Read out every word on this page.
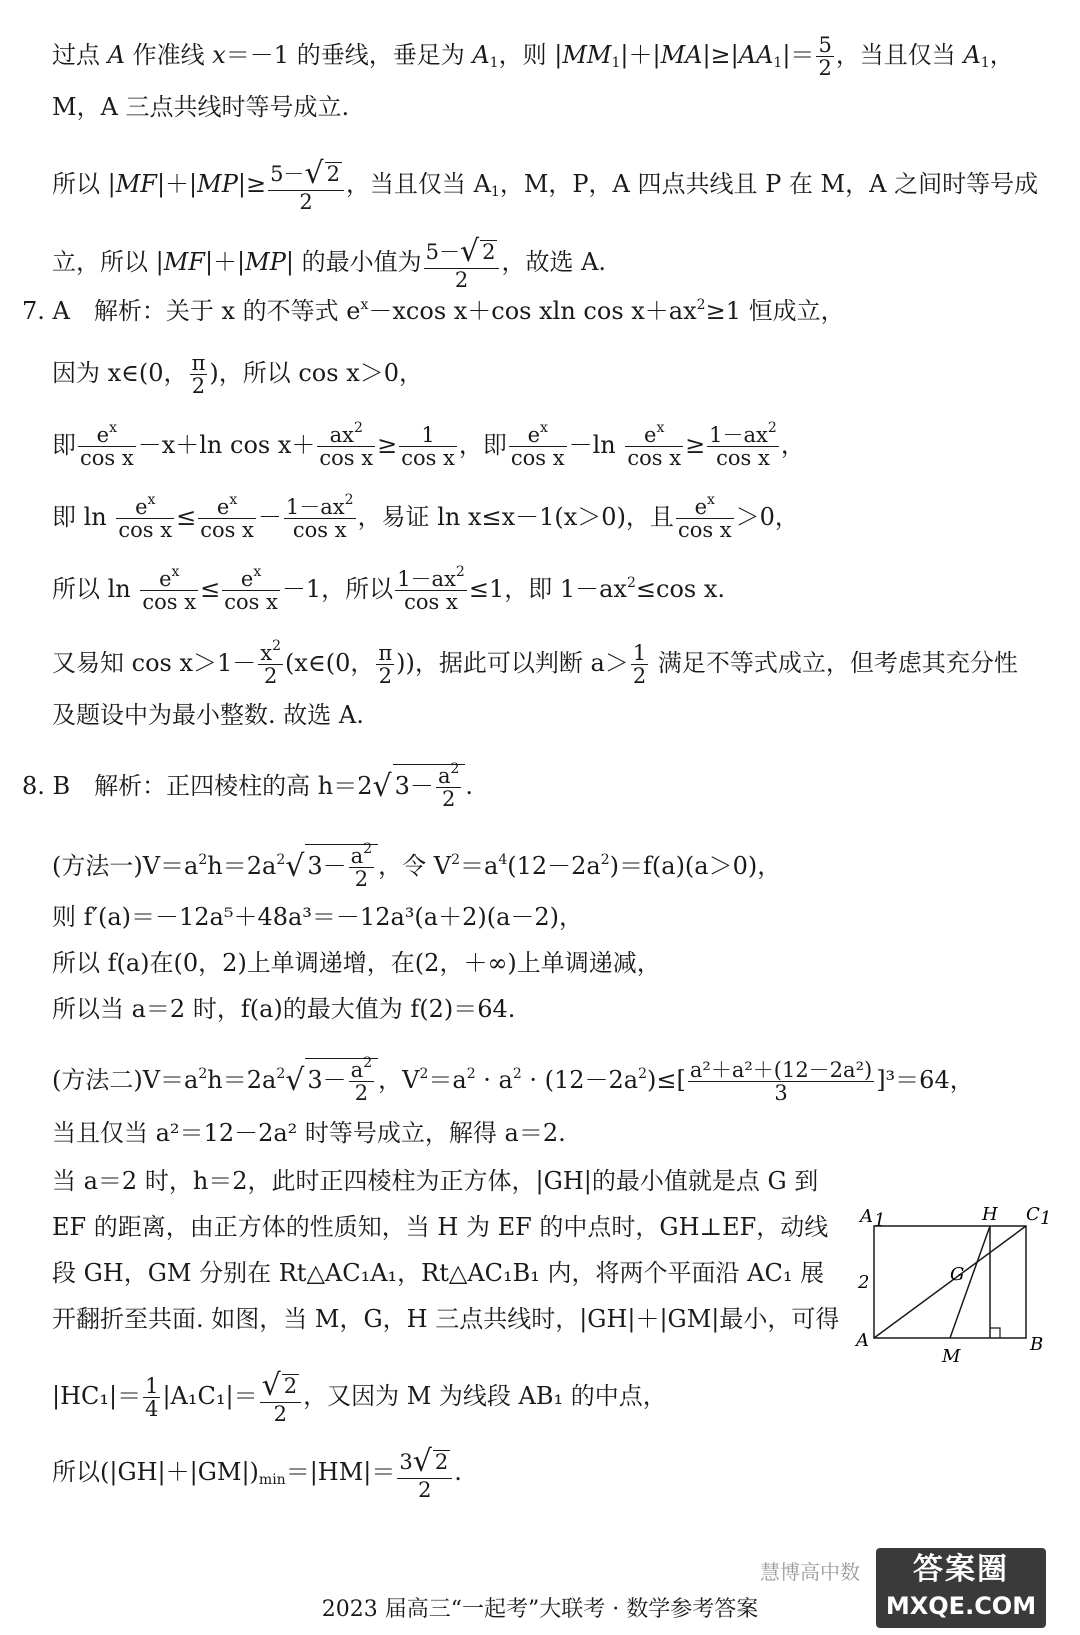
过点 A 作准线 x＝－1 的垂线，垂足为 $A_1$，则 $|MM_1|+|MA|\ge|AA_1|= \frac{5}{2}$ ，当且仅当 $A_1$，
M，A 三点共线时等号成立.
所以 $|MF|+|MP|\ge \frac{5-√ 2}{2}$ ，当且仅当 $A_1$，M，P，A 四点共线且 P 在 M，A 之间时等号成
立，所以 |MF|＋|MP| 的最小值为 $\frac{5-√ 2}{2}$ ，故选 A.
7. A　解析：关于 x 的不等式 $e^x-xcos$ x＋cos xln $\cos x+ax^2\ge 1$ 恒成立，
因为 x∈(0， $\frac{\pi}{2}$ )，所以 cos x＞0，
即 $\frac{e^x}{\text{cos x}} -x+\ln$ $\cos x+ \frac{ax^2}{\text{cos x}} \ge \frac{1}{\text{cos x}}$ ，即 $\frac{e^x}{\text{cos x}} -\ln \frac{e^x}{\text{cos x}} \ge \frac{1-ax^2}{\text{cos x}}$ ，
即 $\ln \frac{e^x}{\text{cos x}} \le \frac{e^x}{\text{cos x}} - \frac{1-ax^2}{\text{cos x}}$ ，易证 ln x≤x－1(x＞0)，且 $\frac{e^x}{\text{cos x}} >0$，
所以 $\ln \frac{e^x}{\text{cos x}} \le \frac{e^x}{\text{cos x}} -1$，所以 $\frac{1-ax^2}{\text{cos x}} \le 1$，即 $1-ax^2\le\cos$ x.
又易知 $\cos x>1- \frac{x^2}{2}$ (x∈(0， $\frac{\pi}{2}$ ))，据此可以判断 $a> \frac{1}{2}$ 满足不等式成立，但考虑其充分性
及题设中为最小整数. 故选 A.
8. B　解析：正四棱柱的高 h＝2√ $3- \frac{a^2}{2}$ .
(方法一)$V=a^2h=2a^2√$ $3- \frac{a^2}{2}$ ，令 $V^2=a^4(12-2a^2)=f(a)(a>0)$，
则 f′(a)＝－12a⁵＋48a³＝－12a³(a＋2)(a－2)，
所以 f(a)在(0，2)上单调递增，在(2，＋∞)上单调递减，
所以当 a＝2 时，f(a)的最大值为 f(2)＝64.
(方法二)$V=a^2h=2a^2√$ $3- \frac{a^2}{2}$ ，$V^2=a^2 \cdot a^2 \cdot (12-2a^2)\le[ \frac{\text{a²＋a²＋(12－2a²)}}{3} ]^3=64$，
当且仅当 a²＝12－2a² 时等号成立，解得 a＝2.
当 a＝2 时，h＝2，此时正四棱柱为正方体，|GH|的最小值就是点 G 到
EF 的距离，由正方体的性质知，当 H 为 EF 的中点时，GH⊥EF，动线
段 GH，GM 分别在 Rt△AC₁A₁，Rt△AC₁B₁ 内，将两个平面沿 AC₁ 展
开翻折至共面. 如图，当 M，G，H 三点共线时，|GH|＋|GM|最小，可得
$|HC_1|= \frac{1}{4} |A_1C_1|= \frac{√ 2}{2}$ ，又因为 M 为线段 AB₁ 的中点，
所以$(|GH|+|GM|)_{min}=|HM|= \frac{3√ 2}{2}$ .
A 1	H C 1
G
A
M
B
2
慧博高中数	答案圈
MXQE.COM
2023 届高三“一起考”大联考 · 数学参考答案
